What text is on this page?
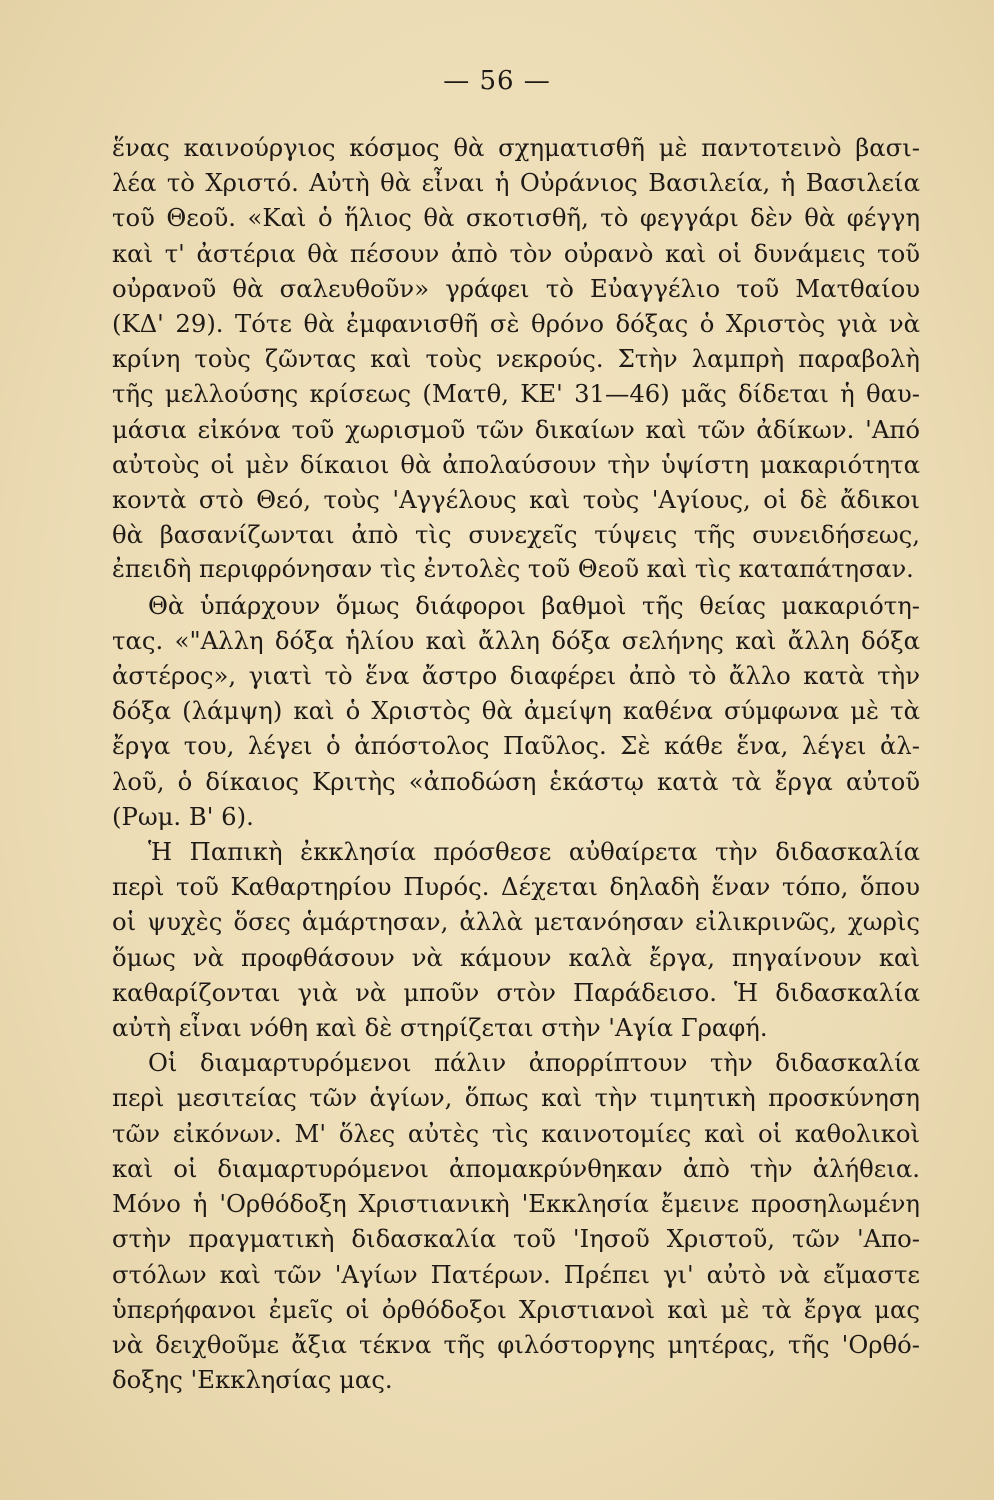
— 56 —
ἕνας καινούργιος κόσμος θὰ σχηματισθῆ μὲ παντοτεινὸ βασι-
λέα τὸ Χριστό. Αὐτὴ θὰ εἶναι ἡ Οὐράνιος Βασιλεία, ἡ Βασιλεία
τοῦ Θεοῦ. «Καὶ ὁ ἥλιος θὰ σκοτισθῆ, τὸ φεγγάρι δὲν θὰ φέγγη
καὶ τ' ἀστέρια θὰ πέσουν ἀπὸ τὸν οὐρανὸ καὶ οἱ δυνάμεις τοῦ
οὐρανοῦ θὰ σαλευθοῦν» γράφει τὸ Εὐαγγέλιο τοῦ Ματθαίου
(ΚΔ' 29). Τότε θὰ ἐμφανισθῆ σὲ θρόνο δόξας ὁ Χριστὸς γιὰ νὰ
κρίνη τοὺς ζῶντας καὶ τοὺς νεκρούς. Στὴν λαμπρὴ παραβολὴ
τῆς μελλούσης κρίσεως (Ματθ, ΚΕ' 31—46) μᾶς δίδεται ἡ θαυ-
μάσια εἰκόνα τοῦ χωρισμοῦ τῶν δικαίων καὶ τῶν ἀδίκων. 'Από
αὐτοὺς οἱ μὲν δίκαιοι θὰ ἀπολαύσουν τὴν ὑψίστη μακαριότητα
κοντὰ στὸ Θεό, τοὺς 'Αγγέλους καὶ τοὺς 'Αγίους, οἱ δὲ ἄδικοι
θὰ βασανίζωνται ἀπὸ τὶς συνεχεῖς τύψεις τῆς συνειδήσεως,
ἐπειδὴ περιφρόνησαν τὶς ἐντολὲς τοῦ Θεοῦ καὶ τὶς καταπάτησαν.
Θὰ ὑπάρχουν ὅμως διάφοροι βαθμοὶ τῆς θείας μακαριότη-
τας. «"Αλλη δόξα ἡλίου καὶ ἄλλη δόξα σελήνης καὶ ἄλλη δόξα
ἀστέρος», γιατὶ τὸ ἕνα ἄστρο διαφέρει ἀπὸ τὸ ἄλλο κατὰ τὴν
δόξα (λάμψη) καὶ ὁ Χριστὸς θὰ ἀμείψη καθένα σύμφωνα μὲ τὰ
ἔργα του, λέγει ὁ ἀπόστολος Παῦλος. Σὲ κάθε ἕνα, λέγει ἀλ-
λοῦ, ὁ δίκαιος Κριτὴς «ἀποδώση ἑκάστῳ κατὰ τὰ ἔργα αὐτοῦ
(Ρωμ. Β' 6).
Ἡ Παπικὴ ἐκκλησία πρόσθεσε αὐθαίρετα τὴν διδασκαλία
περὶ τοῦ Καθαρτηρίου Πυρός. Δέχεται δηλαδὴ ἕναν τόπο, ὅπου
οἱ ψυχὲς ὅσες ἁμάρτησαν, ἀλλὰ μετανόησαν εἰλικρινῶς, χωρὶς
ὅμως νὰ προφθάσουν νὰ κάμουν καλὰ ἔργα, πηγαίνουν καὶ
καθαρίζονται γιὰ νὰ μποῦν στὸν Παράδεισο. Ἡ διδασκαλία
αὐτὴ εἶναι νόθη καὶ δὲ στηρίζεται στὴν 'Αγία Γραφή.
Οἱ διαμαρτυρόμενοι πάλιν ἀπορρίπτουν τὴν διδασκαλία
περὶ μεσιτείας τῶν ἁγίων, ὅπως καὶ τὴν τιμητικὴ προσκύνηση
τῶν εἰκόνων. Μ' ὅλες αὐτὲς τὶς καινοτομίες καὶ οἱ καθολικοὶ
καὶ οἱ διαμαρτυρόμενοι ἀπομακρύνθηκαν ἀπὸ τὴν ἀλήθεια.
Μόνο ἡ 'Ορθόδοξη Χριστιανικὴ 'Εκκλησία ἔμεινε προσηλωμένη
στὴν πραγματικὴ διδασκαλία τοῦ 'Ιησοῦ Χριστοῦ, τῶν 'Απο-
στόλων καὶ τῶν 'Αγίων Πατέρων. Πρέπει γι' αὐτὸ νὰ εἴμαστε
ὑπερήφανοι ἐμεῖς οἱ ὀρθόδοξοι Χριστιανοὶ καὶ μὲ τὰ ἔργα μας
νὰ δειχθοῦμε ἄξια τέκνα τῆς φιλόστοργης μητέρας, τῆς 'Ορθό-
δοξης 'Εκκλησίας μας.
